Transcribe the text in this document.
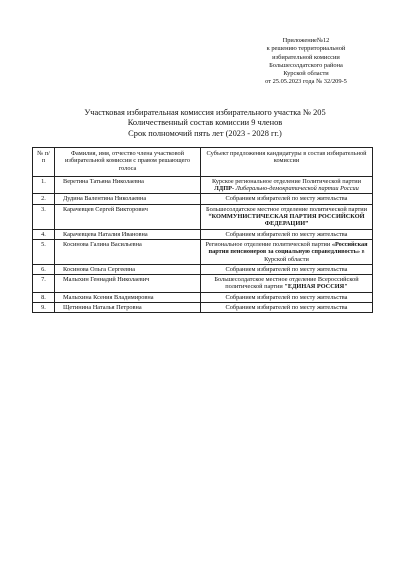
Приложение№12
к решению территориальной
избирательной комиссии
Большесолдатского района
Курской области
от 25.05.2023 года № 32/209-5
Участковая избирательная комиссия избирательного участка № 205
Количественный состав комиссии 9 членов
Срок полномочий пять лет (2023 - 2028 гг.)
№ п/п	Фамилия, имя, отчество члена участковой избирательной комиссии с правом решающего голоса	Субъект предложения кандидатуры в состав избирательной комиссии
1.	Веретина Татьяна Николаевна	Курское региональное отделение Политической партии ЛДПР- Либерально-демократической партии России
2.	Дудина Валентина Николаевна	Собранием избирателей по месту жительства
3.	Карачевцев Сергей Викторович	Большесолдатское местное отделение политической партии “КОММУНИСТИЧЕСКАЯ ПАРТИЯ РОССИЙСКОЙ ФЕДЕРАЦИИ”
4.	Карачевцева Наталия Ивановна	Собранием избирателей по месту жительства
5.	Косинова Галина Васильевна	Региональное отделение политической партии «Российская партия пенсионеров за социальную справедливость» в Курской области
6.	Косинова Ольга Сергеевна	Собранием избирателей по месту жительства
7.	Малыхин Геннадий Николаевич	Большесолдатское местное отделение Всероссийской политической партии "ЕДИНАЯ РОССИЯ"
8.	Малыхина Ксения Владимировна	Собранием избирателей по месту жительства
9.	Щетинина Наталья Петровна	Собранием избирателей по месту жительства
